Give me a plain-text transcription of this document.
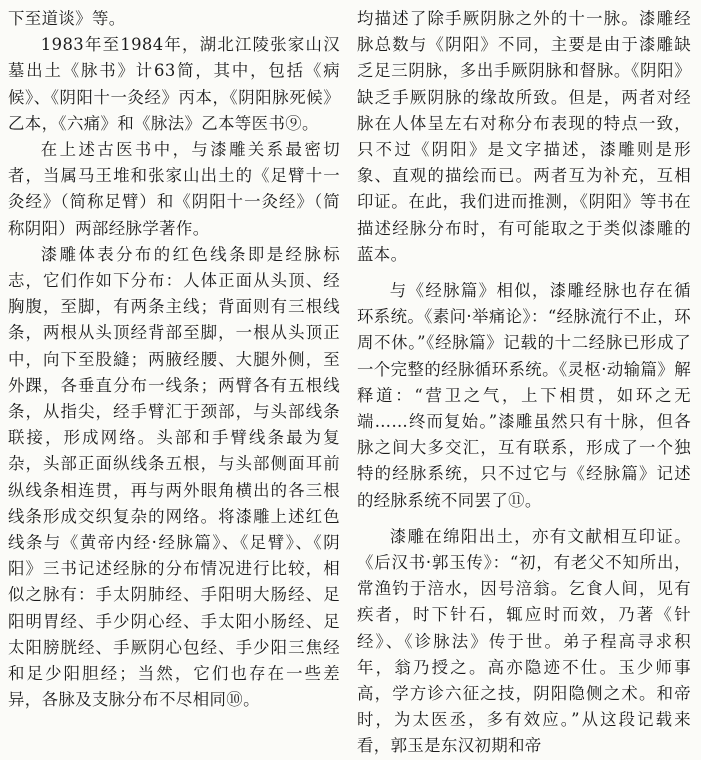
下至道谈》等。

1983年至1984年，湖北江陵张家山汉墓出土《脉书》计63简，其中，包括《病候》、《阴阳十一灸经》丙本，《阴阳脉死候》乙本，《六痛》和《脉法》乙本等医书⑨。

在上述古医书中，与漆雕关系最密切者，当属马王堆和张家山出土的《足臂十一灸经》（简称足臂）和《阴阳十一灸经》（简称阴阳）两部经脉学著作。

漆雕体表分布的红色线条即是经脉标志，它们作如下分布：人体正面从头顶、经胸腹，至脚，有两条主线；背面则有三根线条，两根从头顶经背部至脚，一根从头顶正中，向下至股縫；两腋经腰、大腿外侧，至外踝，各垂直分布一线条；两臂各有五根线条，从指尖，经手臂汇于颈部，与头部线条联接，形成网络。头部和手臂线条最为复杂，头部正面纵线条五根，与头部侧面耳前纵线条相连贯，再与两外眼角横出的各三根线条形成交织复杂的网络。将漆雕上述红色线条与《黄帝内经·经脉篇》、《足臂》、《阴阳》三书记述经脉的分布情况进行比较，相似之脉有：手太阴肺经、手阳明大肠经、足阳明胃经、手少阴心经、手太阳小肠经、足太阳膀胱经、手厥阴心包经、手少阳三焦经和足少阳胆经；当然，它们也存在一些差异，各脉及支脉分布不尽相同⑩。

均描述了除手厥阴脉之外的十一脉。漆雕经脉总数与《阴阳》不同，主要是由于漆雕缺乏足三阴脉，多出手厥阴脉和督脉。《阴阳》缺乏手厥阴脉的缘故所致。但是，两者对经脉在人体呈左右对称分布表现的特点一致，只不过《阴阳》是文字描述，漆雕则是形象、直观的描绘而已。两者互为补充，互相印证。在此，我们进而推测，《阴阳》等书在描述经脉分布时，有可能取之于类似漆雕的蓝本。

与《经脉篇》相似，漆雕经脉也存在循环系统。《素问·举痛论》：“经脉流行不止，环周不休。”《经脉篇》记载的十二经脉已形成了一个完整的经脉循环系统。《灵枢·动输篇》解释道：“营卫之气，上下相贯，如环之无端……终而复始。”漆雕虽然只有十脉，但各脉之间大多交汇，互有联系，形成了一个独特的经脉系统，只不过它与《经脉篇》记述的经脉系统不同罢了⑪。

漆雕在绵阳出土，亦有文献相互印证。《后汉书·郭玉传》：“初，有老父不知所出，常渔钓于涪水，因号涪翁。乞食人间，见有疾者，时下针石，辄应时而效，乃著《针经》、《诊脉法》传于世。弟子程高寻求积年，翁乃授之。高亦隐迹不仕。玉少师事高，学方诊六征之技，阴阳隐侧之术。和帝时，为太医丞，多有效应。”从这段记载来看，郭玉是东汉初期和帝
